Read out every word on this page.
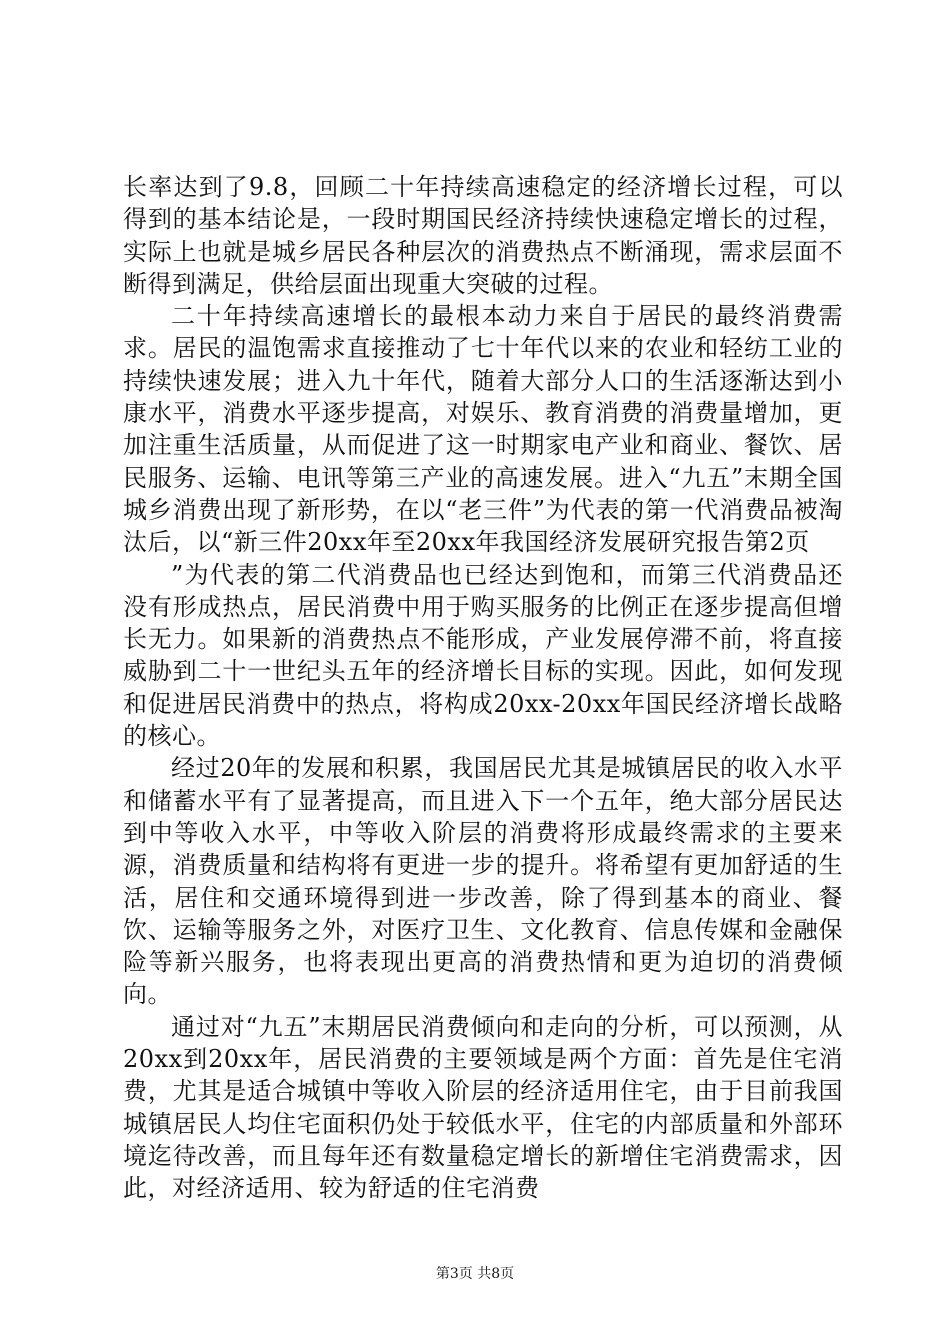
长率达到了9.8，回顾二十年持续高速稳定的经济增长过程，可以得到的基本结论是，一段时期国民经济持续快速稳定增长的过程，实际上也就是城乡居民各种层次的消费热点不断涌现，需求层面不断得到满足，供给层面出现重大突破的过程。

二十年持续高速增长的最根本动力来自于居民的最终消费需求。居民的温饱需求直接推动了七十年代以来的农业和轻纺工业的持续快速发展；进入九十年代，随着大部分人口的生活逐渐达到小康水平，消费水平逐步提高，对娱乐、教育消费的消费量增加，更加注重生活质量，从而促进了这一时期家电产业和商业、餐饮、居民服务、运输、电讯等第三产业的高速发展。进入“九五”末期全国城乡消费出现了新形势，在以“老三件”为代表的第一代消费品被淘汰后，以“新三件20xx年至20xx年我国经济发展研究报告第2页

”为代表的第二代消费品也已经达到饱和，而第三代消费品还没有形成热点，居民消费中用于购买服务的比例正在逐步提高但增长无力。如果新的消费热点不能形成，产业发展停滞不前，将直接威胁到二十一世纪头五年的经济增长目标的实现。因此，如何发现和促进居民消费中的热点，将构成20xx-20xx年国民经济增长战略的核心。

经过20年的发展和积累，我国居民尤其是城镇居民的收入水平和储蓄水平有了显著提高，而且进入下一个五年，绝大部分居民达到中等收入水平，中等收入阶层的消费将形成最终需求的主要来源，消费质量和结构将有更进一步的提升。将希望有更加舒适的生活，居住和交通环境得到进一步改善，除了得到基本的商业、餐饮、运输等服务之外，对医疗卫生、文化教育、信息传媒和金融保险等新兴服务，也将表现出更高的消费热情和更为迫切的消费倾向。

通过对“九五”末期居民消费倾向和走向的分析，可以预测，从20xx到20xx年，居民消费的主要领域是两个方面：首先是住宅消费，尤其是适合城镇中等收入阶层的经济适用住宅，由于目前我国城镇居民人均住宅面积仍处于较低水平，住宅的内部质量和外部环境迄待改善，而且每年还有数量稳定增长的新增住宅消费需求，因此，对经济适用、较为舒适的住宅消费

第3页 共8页
